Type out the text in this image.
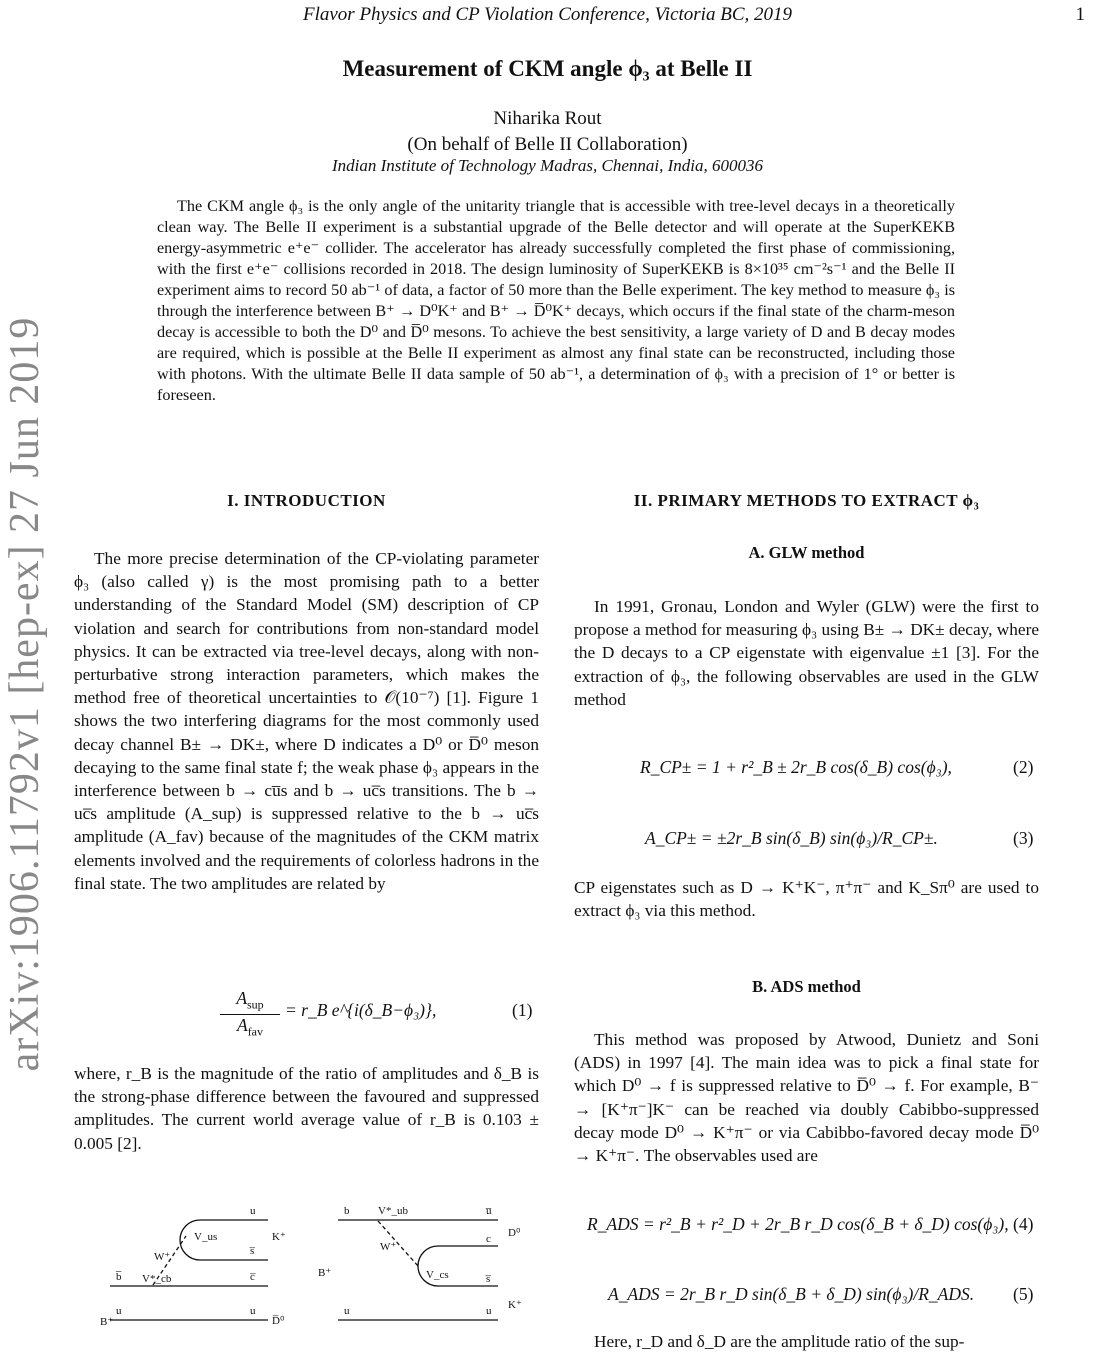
Flavor Physics and CP Violation Conference, Victoria BC, 2019	1
arXiv:1906.11792v1 [hep-ex] 27 Jun 2019
Measurement of CKM angle ϕ₃ at Belle II
Niharika Rout
(On behalf of Belle II Collaboration)
Indian Institute of Technology Madras, Chennai, India, 600036
The CKM angle ϕ₃ is the only angle of the unitarity triangle that is accessible with tree-level decays in a theoretically clean way. The Belle II experiment is a substantial upgrade of the Belle detector and will operate at the SuperKEKB energy-asymmetric e⁺e⁻ collider. The accelerator has already successfully completed the first phase of commissioning, with the first e⁺e⁻ collisions recorded in 2018. The design luminosity of SuperKEKB is 8×10³⁵ cm⁻²s⁻¹ and the Belle II experiment aims to record 50 ab⁻¹ of data, a factor of 50 more than the Belle experiment. The key method to measure ϕ₃ is through the interference between B⁺ → D⁰K⁺ and B⁺ → D̅⁰K⁺ decays, which occurs if the final state of the charm-meson decay is accessible to both the D⁰ and D̅⁰ mesons. To achieve the best sensitivity, a large variety of D and B decay modes are required, which is possible at the Belle II experiment as almost any final state can be reconstructed, including those with photons. With the ultimate Belle II data sample of 50 ab⁻¹, a determination of ϕ₃ with a precision of 1° or better is foreseen.
I. INTRODUCTION

The more precise determination of the CP-violating parameter ϕ₃ (also called γ) is the most promising path to a better understanding of the Standard Model (SM) description of CP violation and search for contributions from non-standard model physics. It can be extracted via tree-level decays, along with non-perturbative strong interaction parameters, which makes the method free of theoretical uncertainties to 𝒪(10⁻⁷) [1]. Figure 1 shows the two interfering diagrams for the most commonly used decay channel B± → DK±, where D indicates a D⁰ or D̅⁰ meson decaying to the same final state f; the weak phase ϕ₃ appears in the interference between b → cu̅s and b → uc̅s transitions. The b → uc̅s amplitude (A_sup) is suppressed relative to the b → uc̅s amplitude (A_fav) because of the magnitudes of the CKM matrix elements involved and the requirements of colorless hadrons in the final state. The two amplitudes are related by

$A_{sup}$
$A_{fav}$
= r_B e^{i(δ_B−ϕ₃)},	(1)

where, r_B is the magnitude of the ratio of amplitudes and δ_B is the strong-phase difference between the favoured and suppressed amplitudes. The current world average value of r_B is 0.103 ± 0.005 [2].

b̅
B⁺
u	u
u
s̅
c̅
K⁺
D̅⁰
W⁺
V_us
V*_cb
b	V*_ub	u̅
D⁰
c
W⁺
V_cs
B⁺	s̅
u	u K⁺
II. PRIMARY METHODS TO EXTRACT ϕ₃
A. GLW method

In 1991, Gronau, London and Wyler (GLW) were the first to propose a method for measuring ϕ₃ using B± → DK± decay, where the D decays to a CP eigenstate with eigenvalue ±1 [3]. For the extraction of ϕ₃, the following observables are used in the GLW method

R_CP± = 1 + r²_B ± 2r_B cos(δ_B) cos(ϕ₃),	(2)
A_CP± = ±2r_B sin(δ_B) sin(ϕ₃)/R_CP±.	(3)

CP eigenstates such as D → K⁺K⁻, π⁺π⁻ and K_Sπ⁰ are used to extract ϕ₃ via this method.

B. ADS method

This method was proposed by Atwood, Dunietz and Soni (ADS) in 1997 [4]. The main idea was to pick a final state for which D⁰ → f is suppressed relative to D̅⁰ → f. For example, B⁻ → [K⁺π⁻]K⁻ can be reached via doubly Cabibbo-suppressed decay mode D⁰ → K⁺π⁻ or via Cabibbo-favored decay mode D̅⁰ → K⁺π⁻. The observables used are

R_ADS = r²_B + r²_D + 2r_B r_D cos(δ_B + δ_D) cos(ϕ₃), (4)
A_ADS = 2r_B r_D sin(δ_B + δ_D) sin(ϕ₃)/R_ADS. (5)

Here, r_D and δ_D are the amplitude ratio of the sup-
